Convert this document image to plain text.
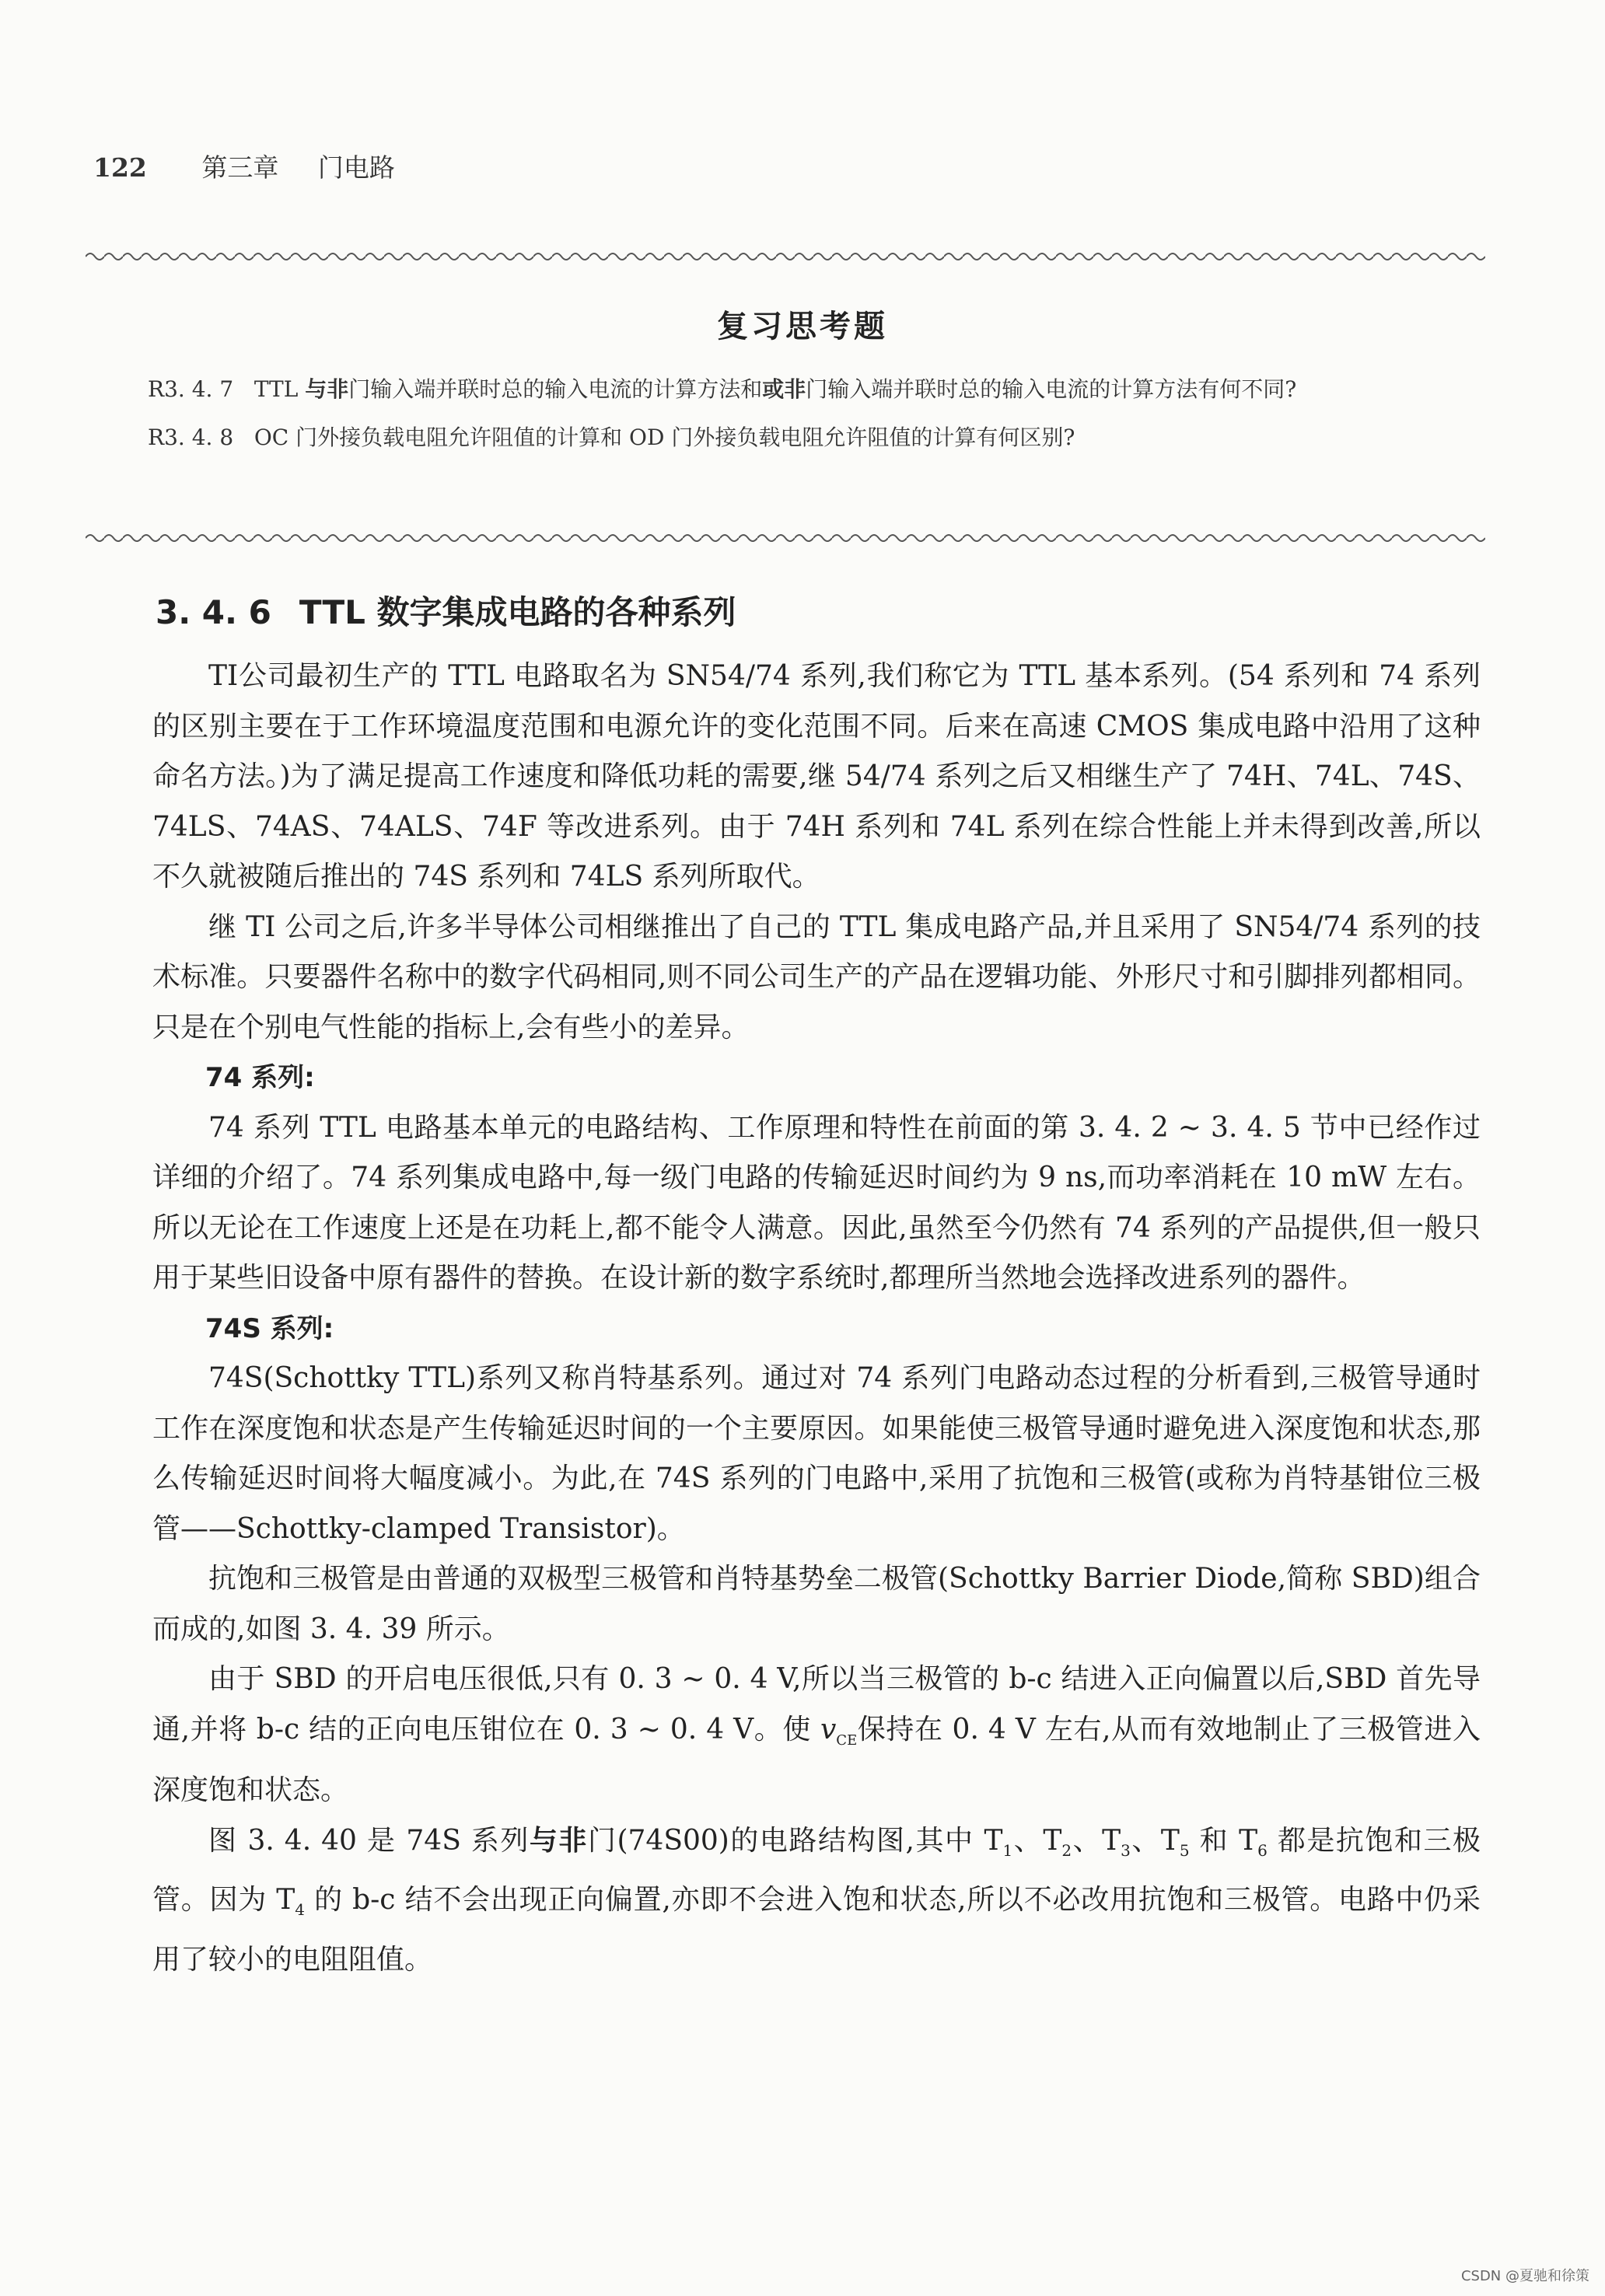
122 第三章 门电路
复习思考题

R3. 4. 7 TTL 与非门输入端并联时总的输入电流的计算方法和或非门输入端并联时总的输入电流的计算方法有何不同?

R3. 4. 8 OC 门外接负载电阻允许阻值的计算和 OD 门外接负载电阻允许阻值的计算有何区别?

3. 4. 6 TTL 数字集成电路的各种系列

TI公司最初生产的 TTL 电路取名为 SN54/74 系列,我们称它为 TTL 基本系列。(54 系列和 74 系列的区别主要在于工作环境温度范围和电源允许的变化范围不同。后来在高速 CMOS 集成电路中沿用了这种命名方法。)为了满足提高工作速度和降低功耗的需要,继 54/74 系列之后又相继生产了 74H、74L、74S、74LS、74AS、74ALS、74F 等改进系列。由于 74H 系列和 74L 系列在综合性能上并未得到改善,所以不久就被随后推出的 74S 系列和 74LS 系列所取代。

继 TI 公司之后,许多半导体公司相继推出了自己的 TTL 集成电路产品,并且采用了 SN54/74 系列的技术标准。只要器件名称中的数字代码相同,则不同公司生产的产品在逻辑功能、外形尺寸和引脚排列都相同。只是在个别电气性能的指标上,会有些小的差异。

74 系列:

74 系列 TTL 电路基本单元的电路结构、工作原理和特性在前面的第 3. 4. 2 ~ 3. 4. 5 节中已经作过详细的介绍了。74 系列集成电路中,每一级门电路的传输延迟时间约为 9 ns,而功率消耗在 10 mW 左右。所以无论在工作速度上还是在功耗上,都不能令人满意。因此,虽然至今仍然有 74 系列的产品提供,但一般只用于某些旧设备中原有器件的替换。在设计新的数字系统时,都理所当然地会选择改进系列的器件。

74S 系列:

74S(Schottky TTL)系列又称肖特基系列。通过对 74 系列门电路动态过程的分析看到,三极管导通时工作在深度饱和状态是产生传输延迟时间的一个主要原因。如果能使三极管导通时避免进入深度饱和状态,那么传输延迟时间将大幅度减小。为此,在 74S 系列的门电路中,采用了抗饱和三极管(或称为肖特基钳位三极管——Schottky-clamped Transistor)。

抗饱和三极管是由普通的双极型三极管和肖特基势垒二极管(Schottky Barrier Diode,简称 SBD)组合而成的,如图 3. 4. 39 所示。

由于 SBD 的开启电压很低,只有 0. 3 ~ 0. 4 V,所以当三极管的 b-c 结进入正向偏置以后,SBD 首先导通,并将 b-c 结的正向电压钳位在 0. 3 ~ 0. 4 V。使 $v_{CE}$保持在 0. 4 V 左右,从而有效地制止了三极管进入深度饱和状态。

图 3. 4. 40 是 74S 系列与非门(74S00)的电路结构图,其中 $T_1$、$T_2$、$T_3$、$T_5$ 和 $T_6$ 都是抗饱和三极管。因为 $T_4$ 的 b-c 结不会出现正向偏置,亦即不会进入饱和状态,所以不必改用抗饱和三极管。电路中仍采用了较小的电阻阻值。

CSDN @夏驰和徐策
